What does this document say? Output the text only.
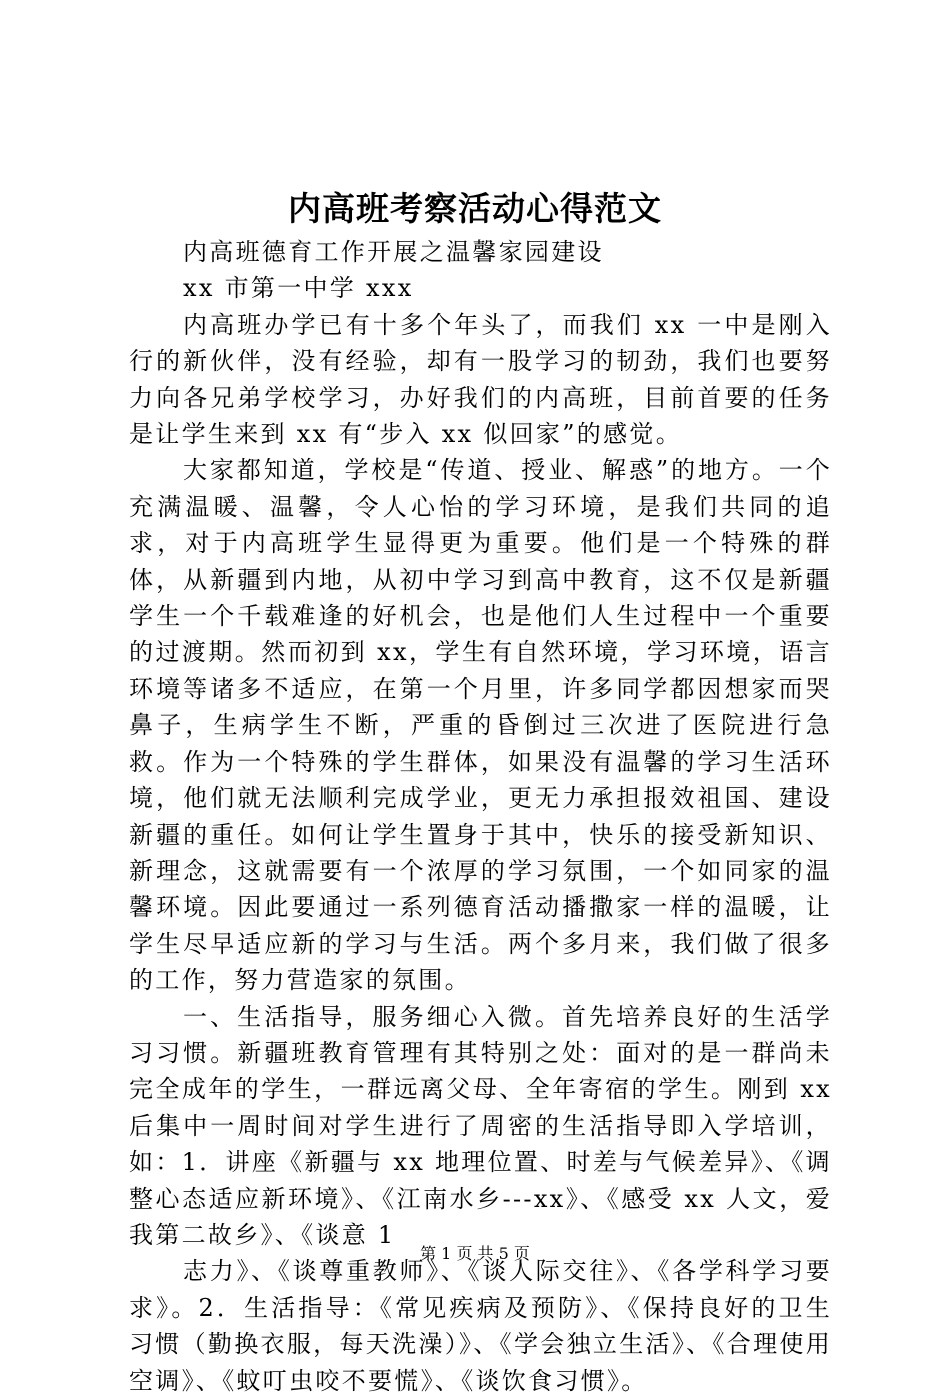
内高班考察活动心得范文

内高班德育工作开展之温馨家园建设

xx 市第一中学 xxx

内高班办学已有十多个年头了，而我们 xx 一中是刚入行的新伙伴，没有经验，却有一股学习的韧劲，我们也要努力向各兄弟学校学习，办好我们的内高班，目前首要的任务是让学生来到 xx 有“步入 xx 似回家”的感觉。

大家都知道，学校是“传道、授业、解惑”的地方。一个充满温暖、温馨，令人心怡的学习环境，是我们共同的追求，对于内高班学生显得更为重要。他们是一个特殊的群体，从新疆到内地，从初中学习到高中教育，这不仅是新疆学生一个千载难逢的好机会，也是他们人生过程中一个重要的过渡期。然而初到 xx，学生有自然环境，学习环境，语言环境等诸多不适应，在第一个月里，许多同学都因想家而哭鼻子，生病学生不断，严重的昏倒过三次进了医院进行急救。作为一个特殊的学生群体，如果没有温馨的学习生活环境，他们就无法顺利完成学业，更无力承担报效祖国、建设新疆的重任。如何让学生置身于其中，快乐的接受新知识、新理念，这就需要有一个浓厚的学习氛围，一个如同家的温馨环境。因此要通过一系列德育活动播撒家一样的温暖，让学生尽早适应新的学习与生活。两个多月来，我们做了很多的工作，努力营造家的氛围。

一、生活指导，服务细心入微。首先培养良好的生活学习习惯。新疆班教育管理有其特别之处：面对的是一群尚未完全成年的学生，一群远离父母、全年寄宿的学生。刚到 xx 后集中一周时间对学生进行了周密的生活指导即入学培训，如：1．讲座《新疆与 xx 地理位置、时差与气候差异》、《调整心态适应新环境》、《江南水乡---xx》、《感受 xx 人文，爱我第二故乡》、《谈意 1

志力》、《谈尊重教师》、《谈人际交往》、《各学科学习要求》。2．生活指导：《常见疾病及预防》、《保持良好的卫生习惯（勤换衣服，每天洗澡）》、《学会独立生活》、《合理使用空调》、《蚊叮虫咬不要慌》、《谈饮食习惯》。

第 1 页 共 5 页
